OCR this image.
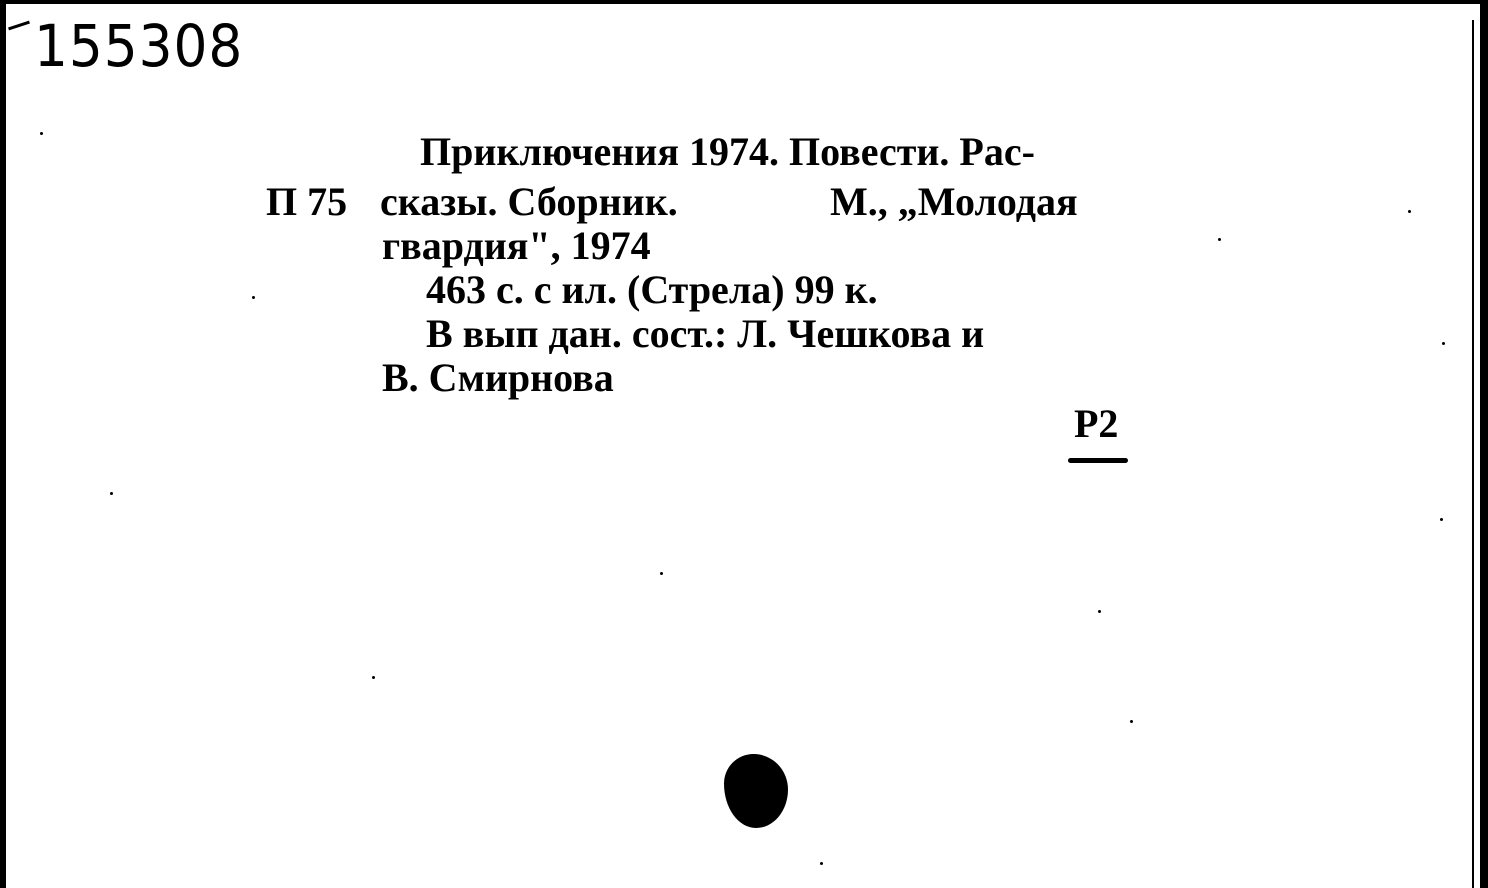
155308
П 75
Приключения 1974. Повести. Рас-
сказы. Сборник.	М., „Молодая
гвардия", 1974
463 с. с ил. (Стрела) 99 к.
В вып дан. сост.: Л. Чешкова и
В. Смирнова
Р2
